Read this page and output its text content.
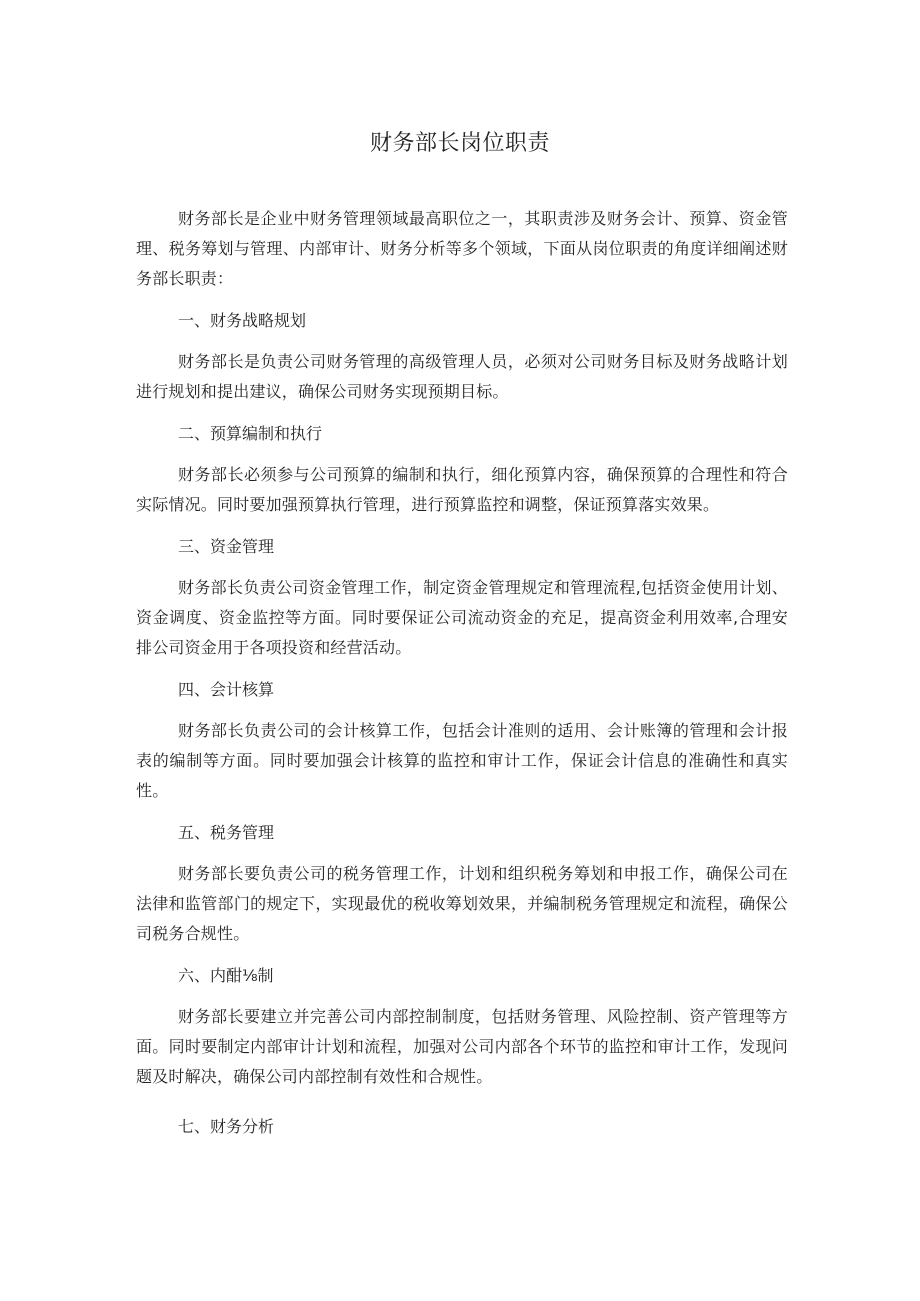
财务部长岗位职责

财务部长是企业中财务管理领域最高职位之一，其职责涉及财务会计、预算、资金管理、税务筹划与管理、内部审计、财务分析等多个领域，下面从岗位职责的角度详细阐述财务部长职责：

一、财务战略规划

财务部长是负责公司财务管理的高级管理人员，必须对公司财务目标及财务战略计划进行规划和提出建议，确保公司财务实现预期目标。

二、预算编制和执行

财务部长必须参与公司预算的编制和执行，细化预算内容，确保预算的合理性和符合实际情况。同时要加强预算执行管理，进行预算监控和调整，保证预算落实效果。

三、资金管理

财务部长负责公司资金管理工作，制定资金管理规定和管理流程,包括资金使用计划、资金调度、资金监控等方面。同时要保证公司流动资金的充足，提高资金利用效率,合理安排公司资金用于各项投资和经营活动。

四、会计核算

财务部长负责公司的会计核算工作，包括会计准则的适用、会计账簿的管理和会计报表的编制等方面。同时要加强会计核算的监控和审计工作，保证会计信息的准确性和真实性。

五、税务管理

财务部长要负责公司的税务管理工作，计划和组织税务筹划和申报工作，确保公司在法律和监管部门的规定下，实现最优的税收筹划效果，并编制税务管理规定和流程，确保公司税务合规性。

六、内酣⅛制

财务部长要建立并完善公司内部控制制度，包括财务管理、风险控制、资产管理等方面。同时要制定内部审计计划和流程，加强对公司内部各个环节的监控和审计工作，发现问题及时解决，确保公司内部控制有效性和合规性。

七、财务分析
